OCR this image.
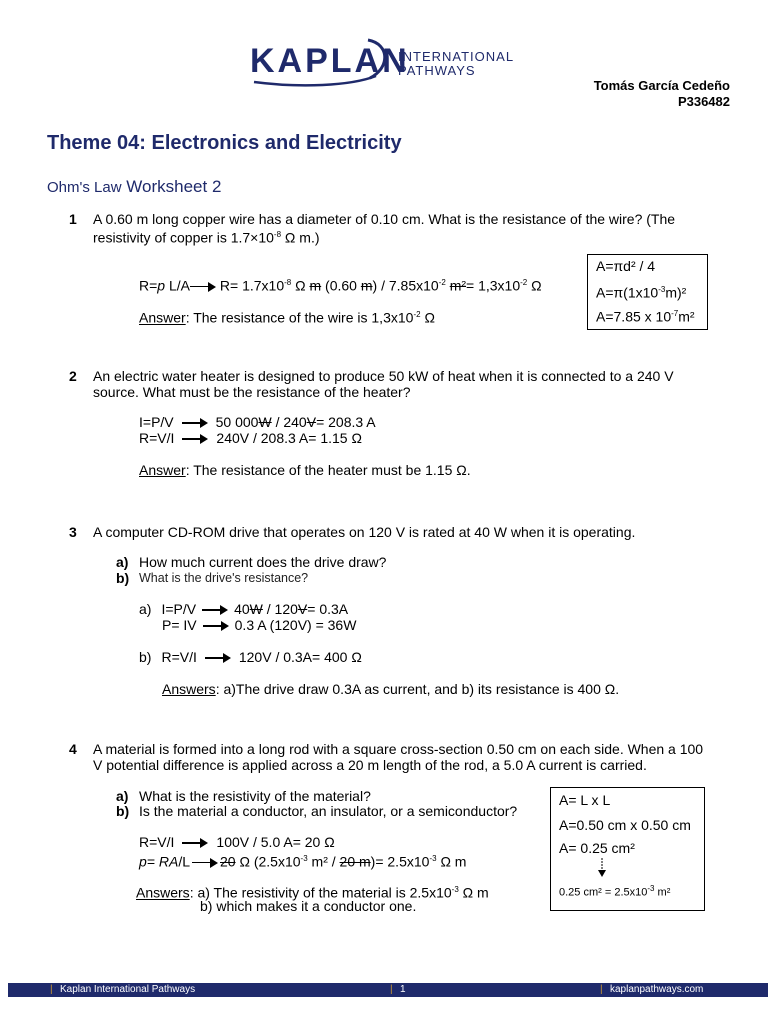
KAPLAN
INTERNATIONAL
PATHWAYS
Tomás García Cedeño
P336482
Theme 04: Electronics and Electricity
Ohm's Law Worksheet 2
1 A 0.60 m long copper wire has a diameter of 0.10 cm. What is the resistance of the wire? (The
resistivity of copper is $1.7\times 10^{-8}$ Ω m.)
R=p L/A $R= 1.7x10^{-8}$ Ω m (0.60 $m) / 7.85x10^{-2}$ $m^2= 1,3x10^{-2}$ Ω
Answer: The resistance of the wire is $1,3x10^{-2}$ Ω
A=πd² / 4
$A=\pi(1x10^{-3}m)^2$
A=7.85 x $10^{-7}m^2$
2 An electric water heater is designed to produce 50 kW of heat when it is connected to a 240 V
source. What must be the resistance of the heater?
I=P/V	50 000W / 240V= 208.3 A
R=V/I	240V / 208.3 A= 1.15 Ω
Answer: The resistance of the heater must be 1.15 Ω.
3 A computer CD-ROM drive that operates on 120 V is rated at 40 W when it is operating.
a) How much current does the drive draw?
b) What is the drive's resistance?
a) I=P/V	40W / 120V= 0.3A
P= IV	0.3 A (120V) = 36W
b) R=V/I	120V / 0.3A= 400 Ω
Answers: a)The drive draw 0.3A as current, and b) its resistance is 400 Ω.
4 A material is formed into a long rod with a square cross-section 0.50 cm on each side. When a 100
V potential difference is applied across a 20 m length of the rod, a 5.0 A current is carried.
a) What is the resistivity of the material?
b) Is the material a conductor, an insulator, or a semiconductor?
R=V/I	100V / 5.0 A= 20 Ω
p= RA/L 20 Ω ($2.5x10^{-3}$ m² / 20 $m)= 2.5x10^{-3}$ Ω m
Answers: a) The resistivity of the material is $2.5x10^{-3}$ Ω m
b) which makes it a conductor one.
A= L x L
A=0.50 cm x 0.50 cm
A= 0.25 cm²
0.25 $cm^2 = 2.5x10^{-3}$ m²
| Kaplan International Pathways	| 1	| kaplanpathways.com
